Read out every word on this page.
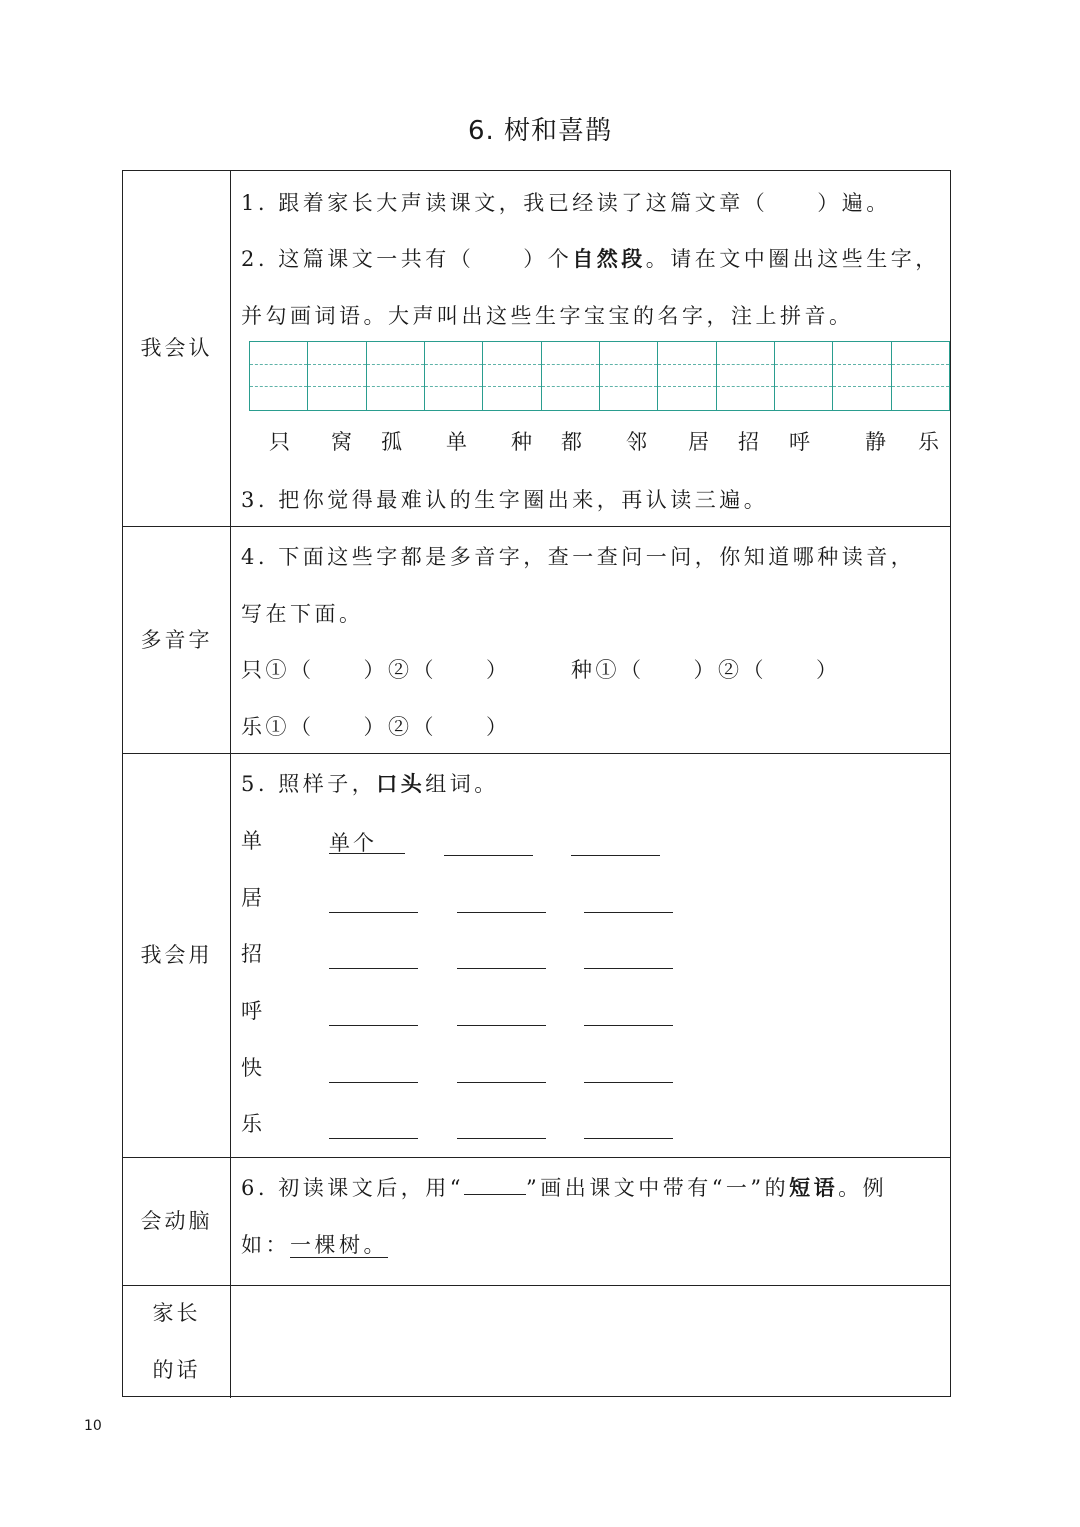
6. 树和喜鹊
我会认
1. 跟着家长大声读课文，我已经读了这篇文章（　　）遍。
2. 这篇课文一共有（　　）个自然段。请在文中圈出这些生字，
并勾画词语。大声叫出这些生字宝宝的名字，注上拼音。
只 窝 孤 单 种 都 邻 居 招 呼	静 乐
3. 把你觉得最难认的生字圈出来，再认读三遍。
多音字
4. 下面这些字都是多音字，查一查问一问，你知道哪种读音，
写在下面。
只①（　　）②（　　）	种①（　　）②（　　）
乐①（　　）②（　　）
我会用
5. 照样子，口头组词。
单	单个
居
招
呼
快
乐
会动脑
6. 初读课文后，用“	”画出课文中带有“一”的短语。例
如：一棵树。
家长
的话
10
